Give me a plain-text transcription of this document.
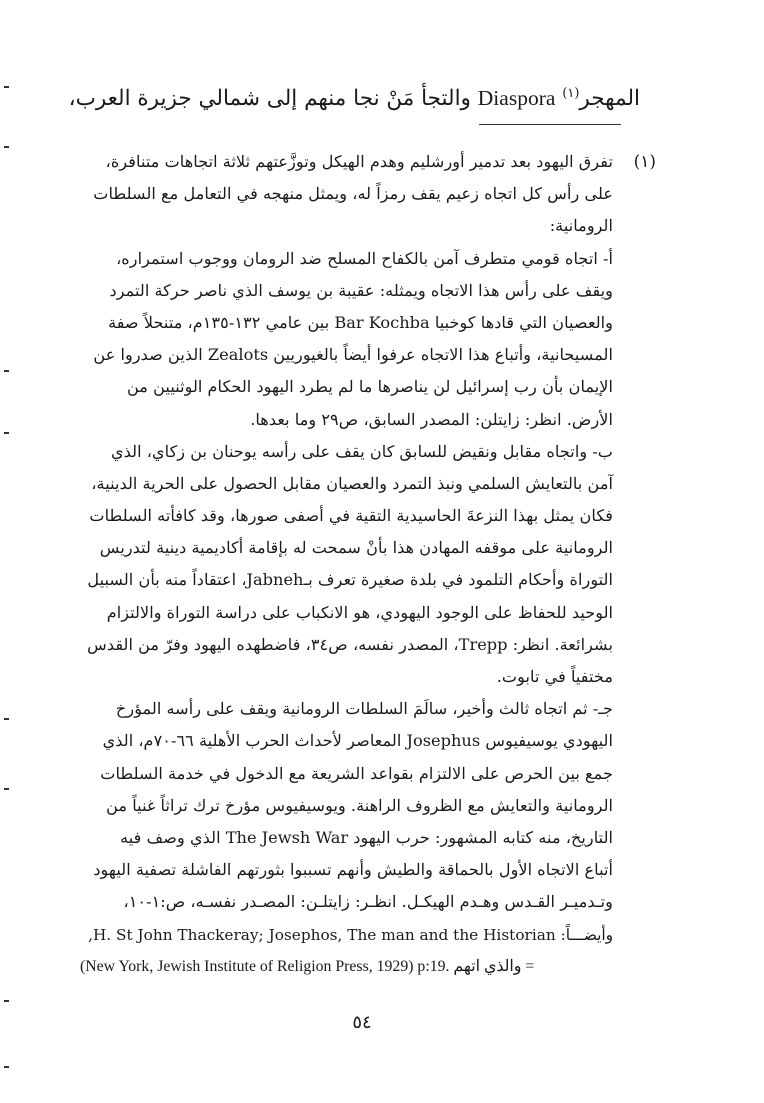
المهجر$^{(١)}$ Diaspora والتجأ مَنْ نجا منهم إلى شمالي جزيرة العرب،
(١)
تفرق اليهود بعد تدمير أورشليم وهدم الهيكل وتوزَّعتهم ثلاثة اتجاهات متنافرة،
على رأس كل اتجاه زعيم يقف رمزاً له، ويمثل منهجه في التعامل مع السلطات
الرومانية:
أ- اتجاه قومي متطرف آمن بالكفاح المسلح ضد الرومان ووجوب استمراره،
ويقف على رأس هذا الاتجاه ويمثله: عقيبة بن يوسف الذي ناصر حركة التمرد
والعصيان التي قادها كوخبيا Bar Kochba بين عامي ١٣٢-١٣٥م، متنحلاً صفة
المسيحانية، وأتباع هذا الاتجاه عرفوا أيضاً بالغيوريين Zealots الذين صدروا عن
الإيمان بأن رب إسرائيل لن يناصرها ما لم يطرد اليهود الحكام الوثنيين من
الأرض. انظر: زايتلن: المصدر السابق، ص٢٩ وما بعدها.
ب- واتجاه مقابل ونقيض للسابق كان يقف على رأسه يوحنان بن زكاي، الذي
آمن بالتعايش السلمي ونبذ التمرد والعصيان مقابل الحصول على الحرية الدينية،
فكان يمثل بهذا النزعةَ الحاسيدية التقية في أصفى صورها، وقد كافأته السلطات
الرومانية على موقفه المهادن هذا بأنْ سمحت له بإقامة أكاديمية دينية لتدريس
التوراة وأحكام التلمود في بلدة صغيرة تعرف بـJabneh، اعتقاداً منه بأن السبيل
الوحيد للحفاظ على الوجود اليهودي، هو الانكباب على دراسة التوراة والالتزام
بشرائعة. انظر: Trepp، المصدر نفسه، ص٣٤، فاضطهده اليهود وفرّ من القدس
مختفياً في تابوت.
جـ- ثم اتجاه ثالث وأخير، سالَمَ السلطات الرومانية ويقف على رأسه المؤرخ
اليهودي يوسيفيوس Josephus المعاصر لأحداث الحرب الأهلية ٦٦-٧٠م، الذي
جمع بين الحرص على الالتزام بقواعد الشريعة مع الدخول في خدمة السلطات
الرومانية والتعايش مع الظروف الراهنة. ويوسيفيوس مؤرخ ترك تراثاً غنياً من
التاريخ، منه كتابه المشهور: حرب اليهود The Jewsh War الذي وصف فيه
أتباع الاتجاه الأول بالحماقة والطيش وأنهم تسببوا بثورتهم الفاشلة تصفية اليهود
وتـدميـر القـدس وهـدم الهيكـل. انظـر: زايتلـن: المصـدر نفسـه، ص:١-١٠،
وأيضـــاً: H. St John Thackeray; Josephos, The man and the Historian,
(New York, Jewish Institute of Religion Press, 1929) p:19. والذي اتهم =
٥٤
